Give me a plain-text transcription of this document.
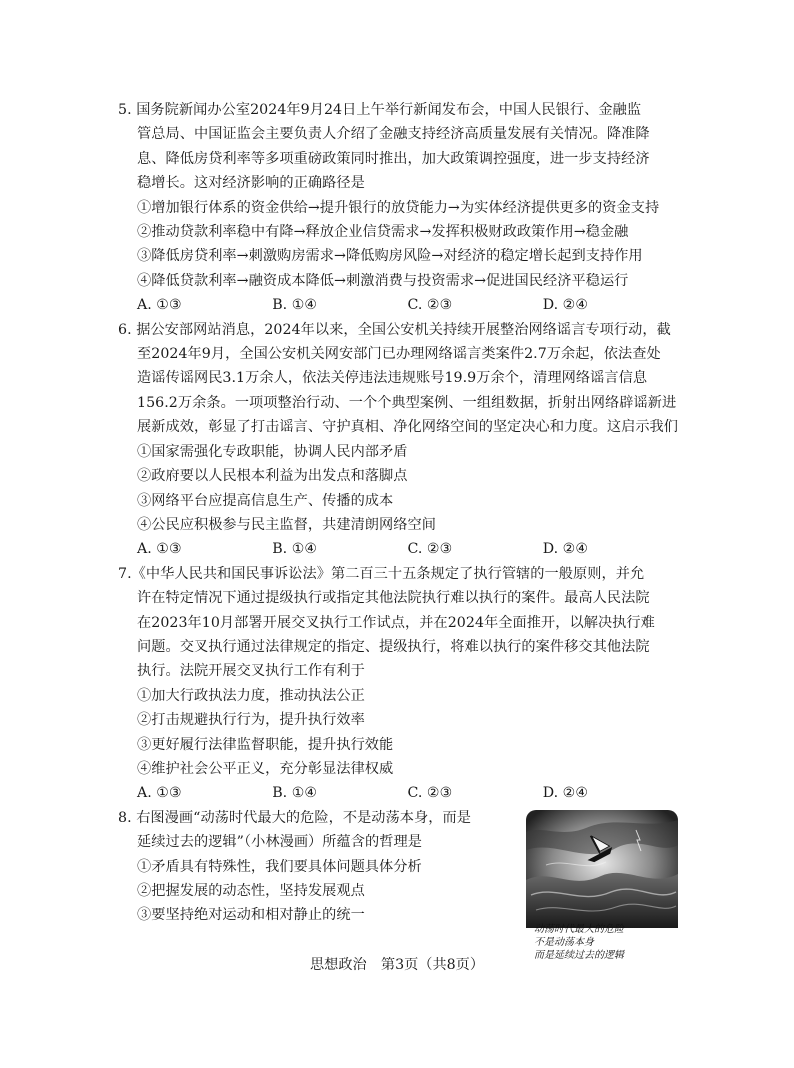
5. 国务院新闻办公室2024年9月24日上午举行新闻发布会，中国人民银行、金融监
管总局、中国证监会主要负责人介绍了金融支持经济高质量发展有关情况。降准降
息、降低房贷利率等多项重磅政策同时推出，加大政策调控强度，进一步支持经济
稳增长。这对经济影响的正确路径是
①增加银行体系的资金供给→提升银行的放贷能力→为实体经济提供更多的资金支持
②推动贷款利率稳中有降→释放企业信贷需求→发挥积极财政政策作用→稳金融
③降低房贷利率→刺激购房需求→降低购房风险→对经济的稳定增长起到支持作用
④降低贷款利率→融资成本降低→刺激消费与投资需求→促进国民经济平稳运行
A. ①③	B. ①④	C. ②③	D. ②④
6. 据公安部网站消息，2024年以来，全国公安机关持续开展整治网络谣言专项行动，截
至2024年9月，全国公安机关网安部门已办理网络谣言类案件2.7万余起，依法查处
造谣传谣网民3.1万余人，依法关停违法违规账号19.9万余个，清理网络谣言信息
156.2万余条。一项项整治行动、一个个典型案例、一组组数据，折射出网络辟谣新进
展新成效，彰显了打击谣言、守护真相、净化网络空间的坚定决心和力度。这启示我们
①国家需强化专政职能，协调人民内部矛盾
②政府要以人民根本利益为出发点和落脚点
③网络平台应提高信息生产、传播的成本
④公民应积极参与民主监督，共建清朗网络空间
A. ①③	B. ①④	C. ②③	D. ②④
7.《中华人民共和国民事诉讼法》第二百三十五条规定了执行管辖的一般原则，并允
许在特定情况下通过提级执行或指定其他法院执行难以执行的案件。最高人民法院
在2023年10月部署开展交叉执行工作试点，并在2024年全面推开，以解决执行难
问题。交叉执行通过法律规定的指定、提级执行，将难以执行的案件移交其他法院
执行。法院开展交叉执行工作有利于
①加大行政执法力度，推动执法公正
②打击规避执行行为，提升执行效率
③更好履行法律监督职能，提升执行效能
④维护社会公平正义，充分彰显法律权威
A. ①③	B. ①④	C. ②③	D. ②④
8. 右图漫画“动荡时代最大的危险，不是动荡本身，而是
延续过去的逻辑”（小林漫画）所蕴含的哲理是
①矛盾具有特殊性，我们要具体问题具体分析
②把握发展的动态性，坚持发展观点
③要坚持绝对运动和相对静止的统一
动荡时代最大的危险
不是动荡本身
而是延续过去的逻辑
思想政治　第3页（共8页）
